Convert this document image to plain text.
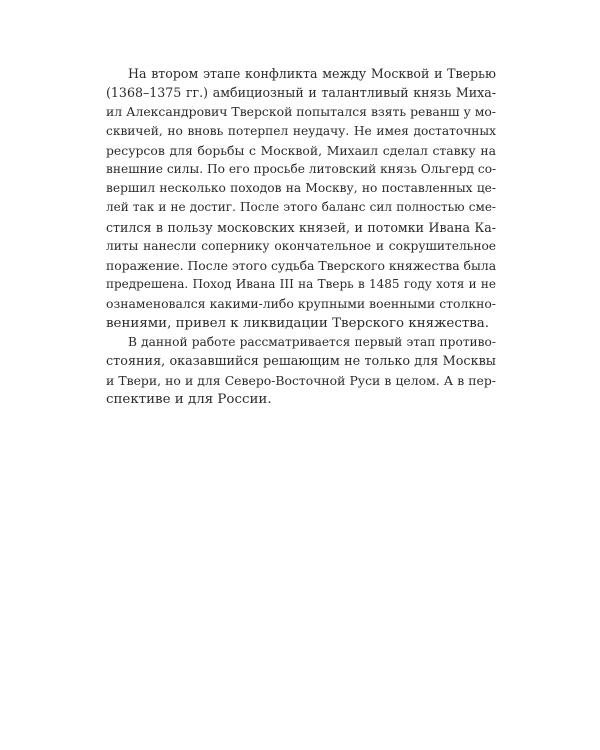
На втором этапе конфликта между Москвой и Тверью
(1368–1375 гг.) амбициозный и талантливый князь Миха-
ил Александрович Тверской попытался взять реванш у мо-
сквичей, но вновь потерпел неудачу. Не имея достаточных
ресурсов для борьбы с Москвой, Михаил сделал ставку на
внешние силы. По его просьбе литовский князь Ольгерд со-
вершил несколько походов на Москву, но поставленных це-
лей так и не достиг. После этого баланс сил полностью сме-
стился в пользу московских князей, и потомки Ивана Ка-
литы нанесли сопернику окончательное и сокрушительное
поражение. После этого судьба Тверского княжества была
предрешена. Поход Ивана III на Тверь в 1485 году хотя и не
ознаменовался какими-либо крупными военными столкно-
вениями, привел к ликвидации Тверского княжества.

В данной работе рассматривается первый этап противо-
стояния, оказавшийся решающим не только для Москвы
и Твери, но и для Северо-Восточной Руси в целом. А в пер-
спективе и для России.
